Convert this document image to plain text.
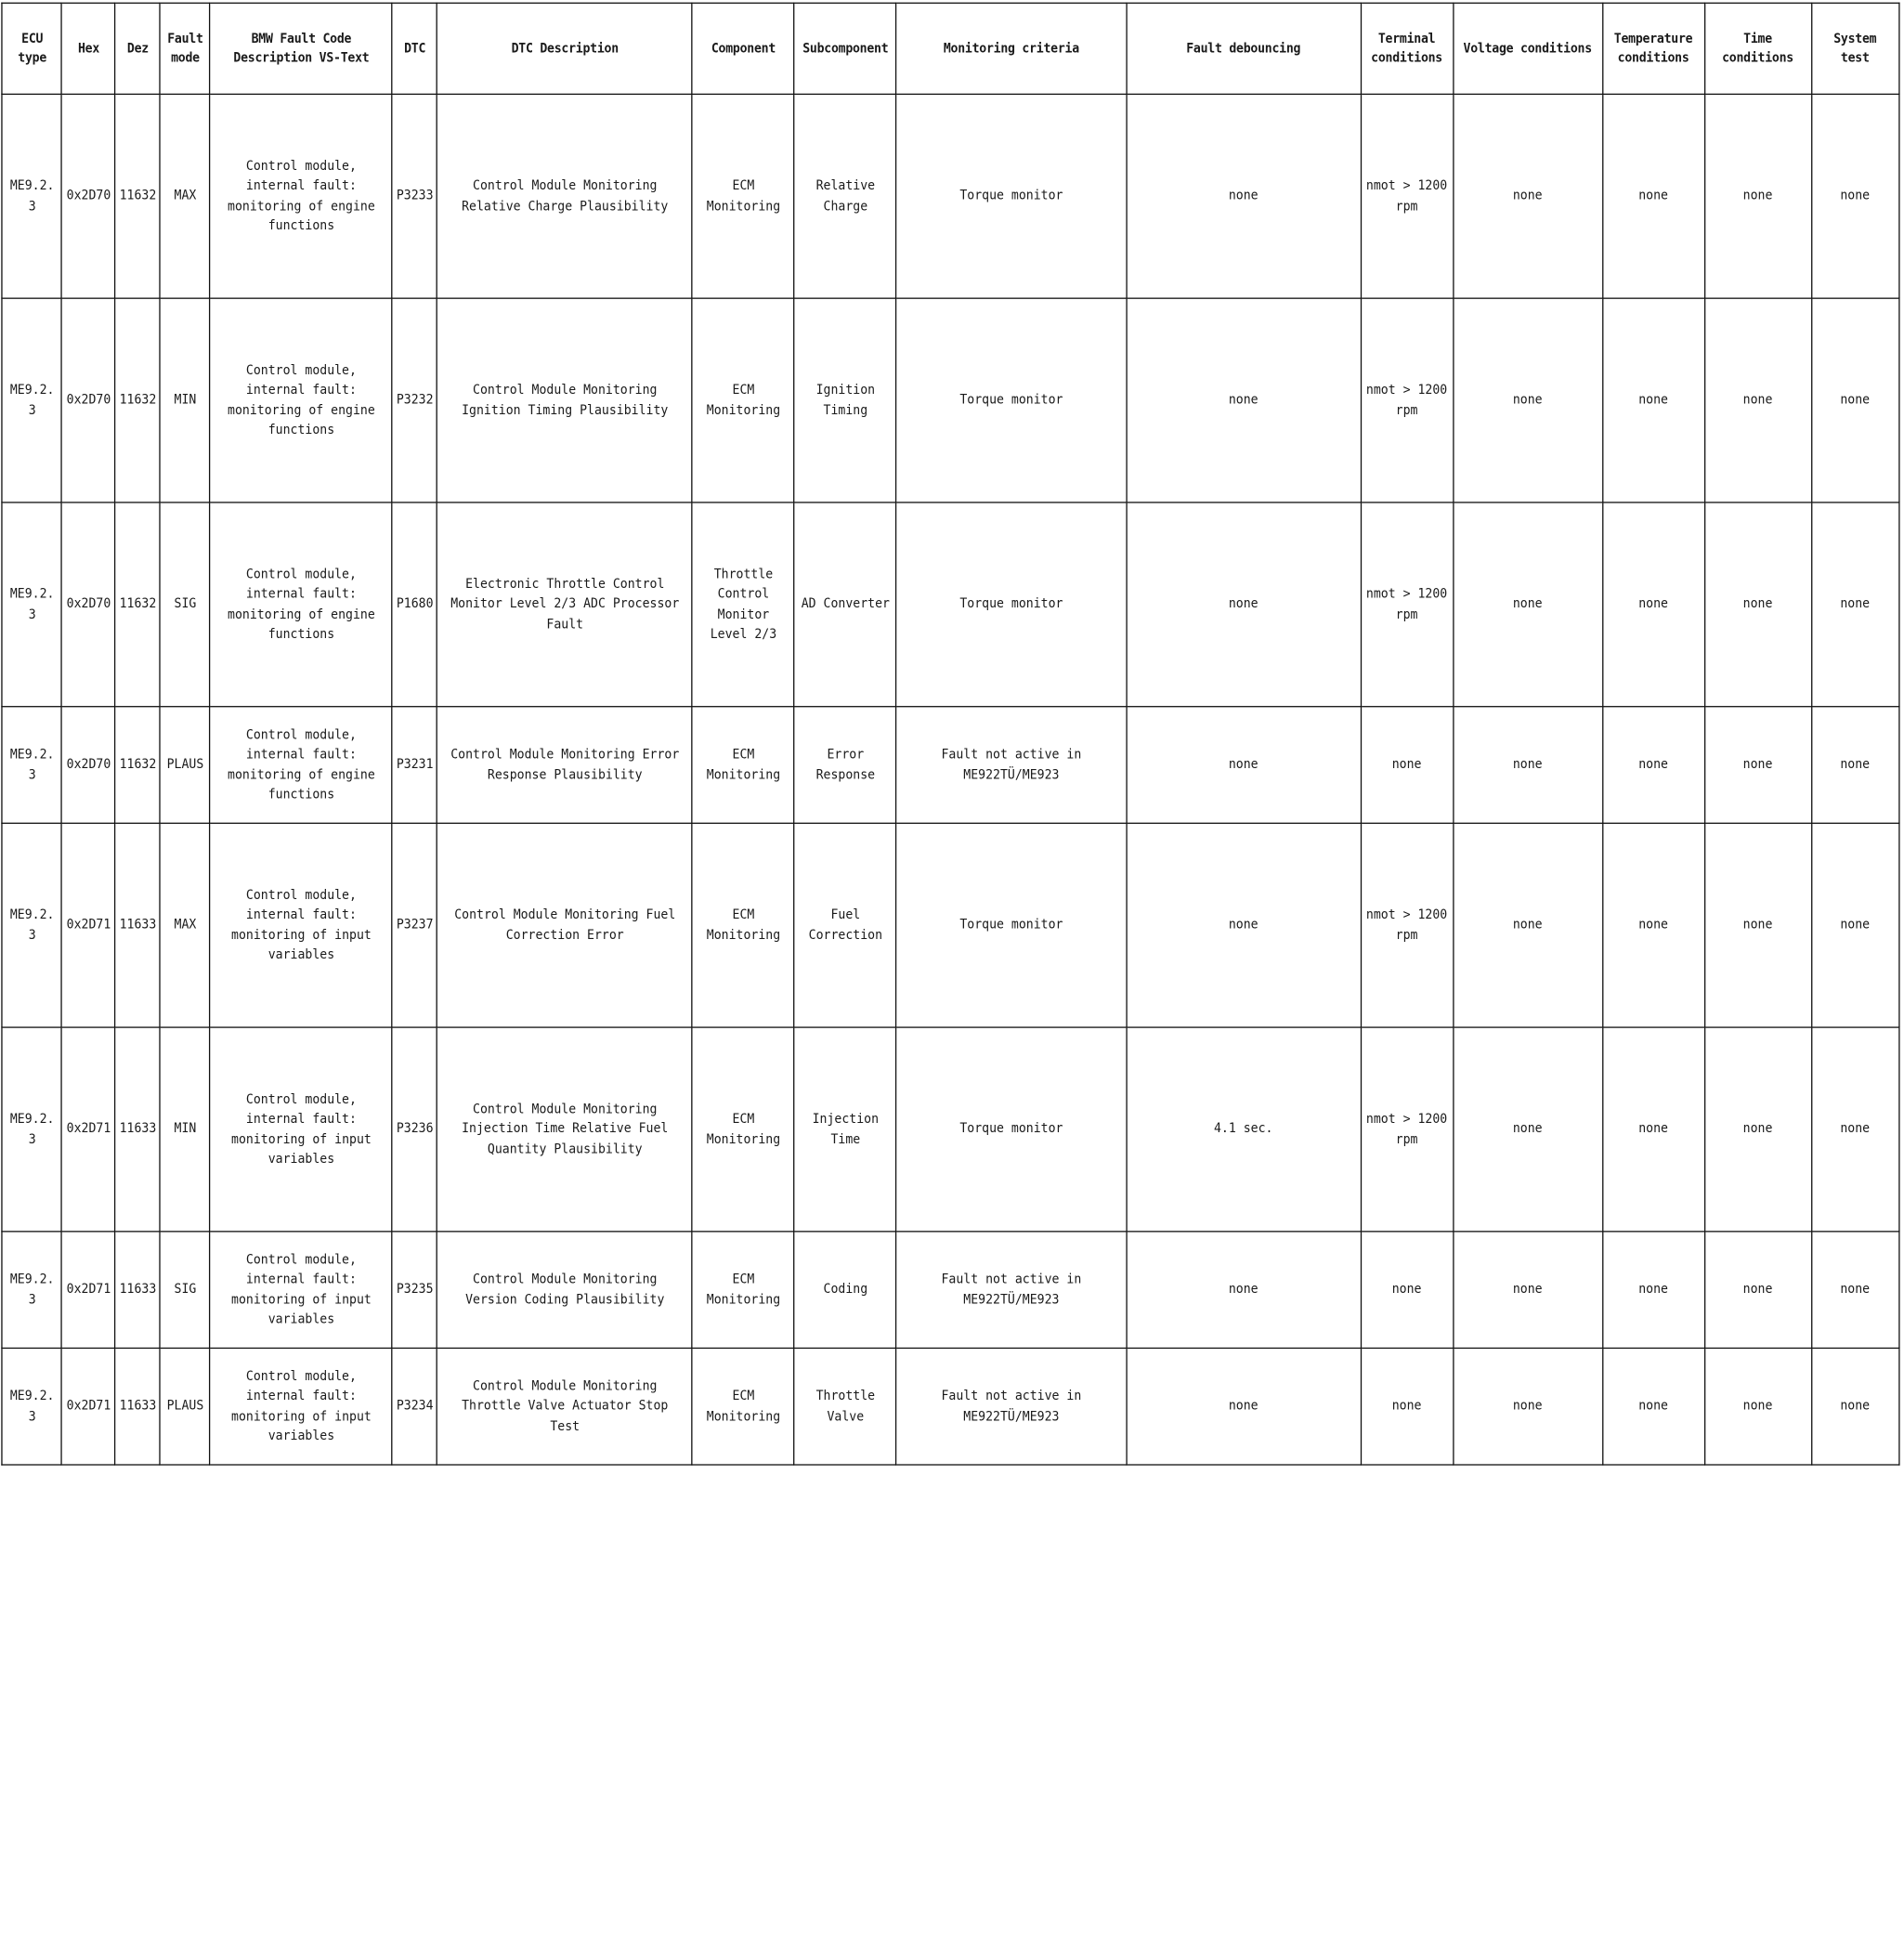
ECU type	Hex	Dez	Fault mode	BMW Fault Code Description VS-Text	DTC	DTC Description	Component	Subcomponent	Monitoring criteria	Fault debouncing	Terminal conditions	Voltage conditions	Temperature conditions	Time conditions	System test
ME9.2.3	0x2D70	11632	MAX	Control module, internal fault: monitoring of engine functions	P3233	Control Module Monitoring Relative Charge Plausibility	ECM Monitoring	Relative Charge	Torque monitor	none	nmot > 1200 rpm	none	none	none	none
ME9.2.3	0x2D70	11632	MIN	Control module, internal fault: monitoring of engine functions	P3232	Control Module Monitoring Ignition Timing Plausibility	ECM Monitoring	Ignition Timing	Torque monitor	none	nmot > 1200 rpm	none	none	none	none
ME9.2.3	0x2D70	11632	SIG	Control module, internal fault: monitoring of engine functions	P1680	Electronic Throttle Control Monitor Level 2/3 ADC Processor Fault	Throttle Control Monitor Level 2/3	AD Converter	Torque monitor	none	nmot > 1200 rpm	none	none	none	none
ME9.2.3	0x2D70	11632	PLAUS	Control module, internal fault: monitoring of engine functions	P3231	Control Module Monitoring Error Response Plausibility	ECM Monitoring	Error Response	Fault not active in ME922TÜ/ME923	none	none	none	none	none	none
ME9.2.3	0x2D71	11633	MAX	Control module, internal fault: monitoring of input variables	P3237	Control Module Monitoring Fuel Correction Error	ECM Monitoring	Fuel Correction	Torque monitor	none	nmot > 1200 rpm	none	none	none	none
ME9.2.3	0x2D71	11633	MIN	Control module, internal fault: monitoring of input variables	P3236	Control Module Monitoring Injection Time Relative Fuel Quantity Plausibility	ECM Monitoring	Injection Time	Torque monitor	4.1 sec.	nmot > 1200 rpm	none	none	none	none
ME9.2.3	0x2D71	11633	SIG	Control module, internal fault: monitoring of input variables	P3235	Control Module Monitoring Version Coding Plausibility	ECM Monitoring	Coding	Fault not active in ME922TÜ/ME923	none	none	none	none	none	none
ME9.2.3	0x2D71	11633	PLAUS	Control module, internal fault: monitoring of input variables	P3234	Control Module Monitoring Throttle Valve Actuator Stop Test	ECM Monitoring	Throttle Valve	Fault not active in ME922TÜ/ME923	none	none	none	none	none	none
